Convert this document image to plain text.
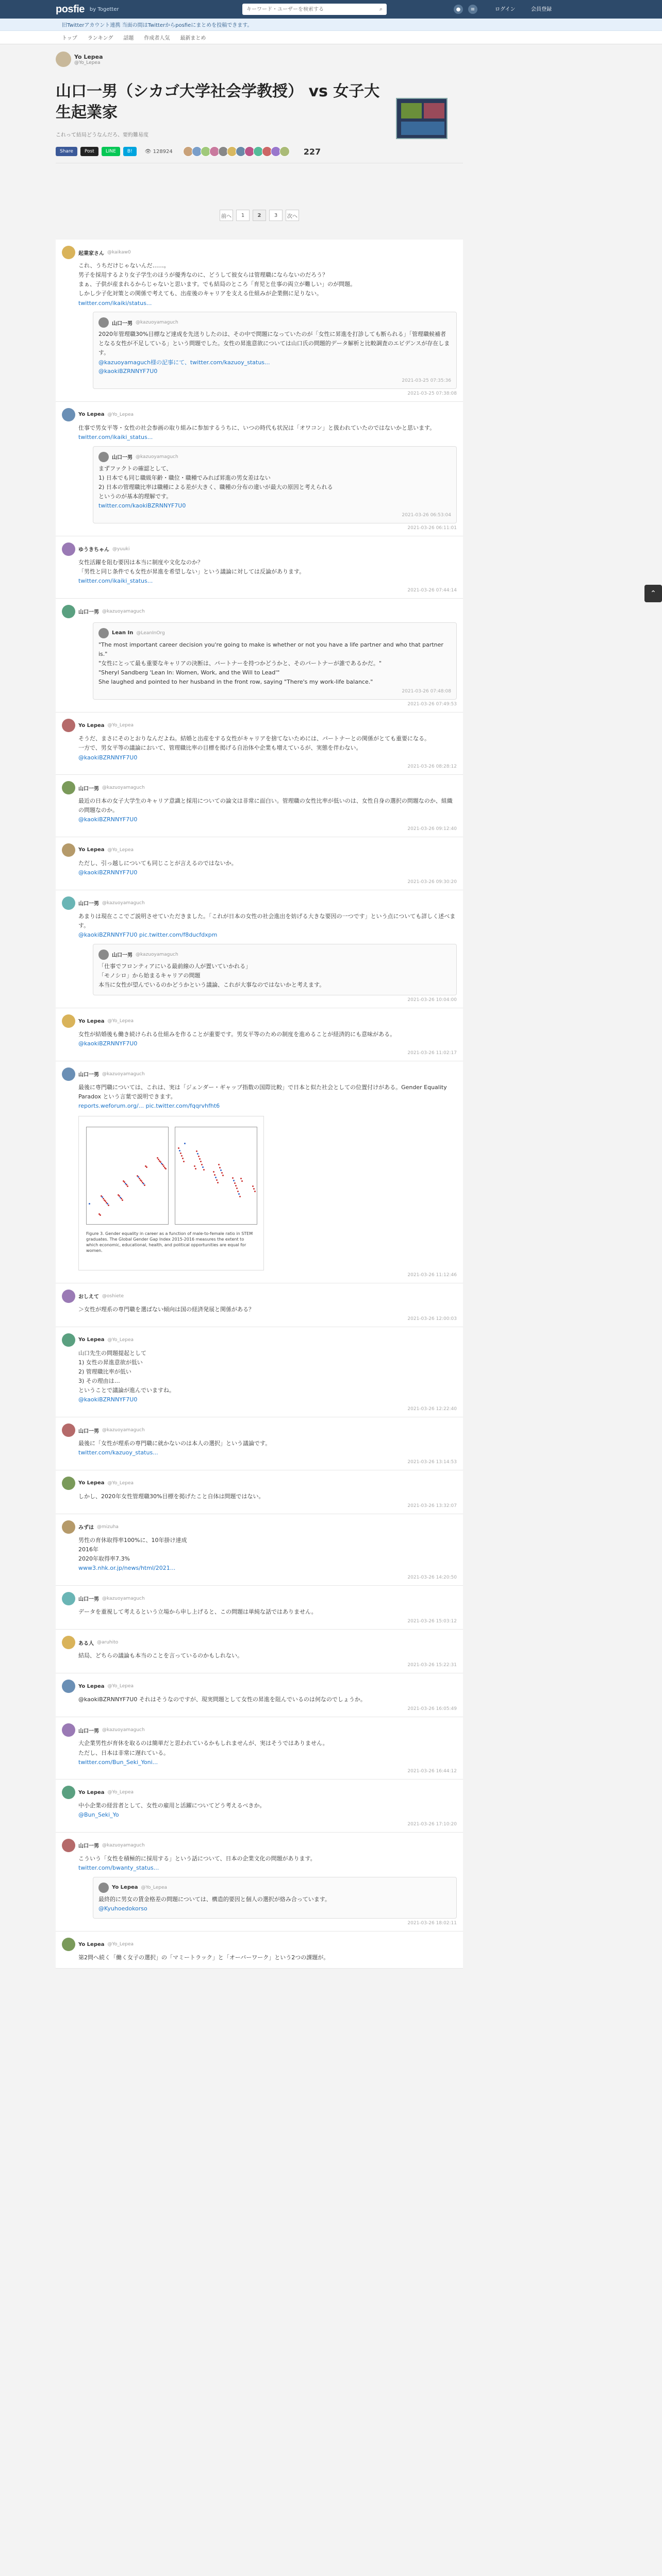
posfie by Togetter
キーワード・ユーザーを検索する	⌕	●	≡	ログイン	会員登録
旧Twitterアカウント連携 当面の間はTwitterからposfieにまとめを投稿できます。
トップ ランキング 話題 作成者人気 最新まとめ
Yo Lepea
@Yo_Lepea
山口一男（シカゴ大学社会学教授） vs 女子大生起業家
これって結局どうなんだろ、要約難易度
Share	Post	LINE	B!	👁 128924	227
前へ	1	2	3	次へ
起業家さん @kaikaw0
これ、うちだけじゃないんだ……。
男子を採用するより女子学生のほうが優秀なのに、どうして彼女らは管理職にならないのだろう？
まぁ、子供が産まれるからじゃないと思います。でも結局のところ「育児と仕事の両立が難しい」のが問題。
しかし少子化対策との関係で考えても、出産後のキャリアを支える仕組みが企業側に足りない。
twitter.com/ikaiki/status...
山口一男 @kazuoyamaguch
2020年管理職30%目標など達成を先送りしたのは、その中で問題になっていたのが「女性に昇進を打診しても断られる」「管理職候補者となる女性が不足している」という問題でした。女性の昇進意欲については山口氏の問題的データ解析と比較調査のエビデンスが存在します。
@kazuoyamaguch様の記事にて、twitter.com/kazuoy_status...
@kaokiBZRNNYF7U0
2021-03-25 07:35:36
2021-03-25 07:38:08
Yo Lepea @Yo_Lepea
仕事で男女平等・女性の社会参画の取り組みに参加するうちに、いつの時代も状況は「オワコン」と扱われていたのではないかと思います。
twitter.com/ikaiki_status...
山口一男 @kazuoyamaguch
まずファクトの確認として、
1) 日本でも同じ職級年齢・職位・職種でみれば昇進の男女差はない
2) 日本の管理職比率は職種による差が大きく、職種の分布の違いが最大の原因と考えられる
というのが基本的理解です。
twitter.com/kaokiBZRNNYF7U0
2021-03-26 06:53:04
2021-03-26 06:11:01
ゆうきちゃん @yuuki
女性活躍を阻む要因は本当に制度や文化なのか？
「男性と同じ条件でも女性が昇進を希望しない」という議論に対しては反論があります。
twitter.com/ikaiki_status...
2021-03-26 07:44:14
山口一男 @kazuoyamaguch
Lean In @LeanInOrg
"The most important career decision you're going to make is whether or not you have a life partner and who that partner is."
"女性にとって最も重要なキャリアの決断は、パートナーを持つかどうかと、そのパートナーが誰であるかだ。"
"Sheryl Sandberg 'Lean In: Women, Work, and the Will to Lead'"
She laughed and pointed to her husband in the front row, saying "There's my work-life balance."
2021-03-26 07:48:08
2021-03-26 07:49:53
Yo Lepea @Yo_Lepea
そうだ、まさにそのとおりなんだよね。結婚と出産をする女性がキャリアを捨てないためには、パートナーとの関係がとても重要になる。
一方で、男女平等の議論において、管理職比率の目標を掲げる自治体や企業も増えているが、実態を伴わない。
@kaokiBZRNNYF7U0
2021-03-26 08:28:12
山口一男 @kazuoyamaguch
最近の日本の女子大学生のキャリア意識と採用についての論文は非常に面白い。管理職の女性比率が低いのは、女性自身の選択の問題なのか、組織の問題なのか。
@kaokiBZRNNYF7U0
2021-03-26 09:12:40
Yo Lepea @Yo_Lepea
ただし、引っ越しについても同じことが言えるのではないか。
@kaokiBZRNNYF7U0
2021-03-26 09:30:20
山口一男 @kazuoyamaguch
あまりは現在ここでご説明させていただきました。「これが日本の女性の社会進出を妨げる大きな要因の一つです」という点についても詳しく述べます。
@kaokiBZRNNYF7U0 pic.twitter.com/f8ducfdxpm
山口一男 @kazuoyamaguch
「仕事でフロンティアにいる最前線の人が置いていかれる」
「モノシロ」から始まるキャリアの問題
本当に女性が望んでいるのかどうかという議論、これが大事なのではないかと考えます。
2021-03-26 10:04:00
Yo Lepea @Yo_Lepea
女性が結婚後も働き続けられる仕組みを作ることが重要です。男女平等のための制度を進めることが経済的にも意味がある。
@kaokiBZRNNYF7U0
2021-03-26 11:02:17
山口一男 @kazuoyamaguch
最後に専門職については、これは、実は「ジェンダー・ギャップ指数の国際比較」で日本と似た社会としての位置付けがある。Gender Equality Paradox という言葉で説明できます。
reports.weforum.org/... pic.twitter.com/fqqrvhfht6
Figure 3. Gender equality in career as a function of male-to-female ratio in STEM graduates. The Global Gender Gap Index 2015-2016 measures the extent to which economic, educational, health, and political opportunities are equal for women.
2021-03-26 11:12:46
おしえて @oshiete
＞女性が理系の専門職を選ばない傾向は国の経済発展と関係がある？
2021-03-26 12:00:03
Yo Lepea @Yo_Lepea
山口先生の問題提起として
1) 女性の昇進意欲が低い
2) 管理職比率が低い
3) その理由は…
ということで議論が進んでいますね。
@kaokiBZRNNYF7U0
2021-03-26 12:22:40
山口一男 @kazuoyamaguch
最後に「女性が理系の専門職に就かないのは本人の選択」という議論です。
twitter.com/kazuoy_status...
2021-03-26 13:14:53
Yo Lepea @Yo_Lepea
しかし、2020年女性管理職30%目標を掲げたこと自体は問題ではない。
2021-03-26 13:32:07
みずは @mizuha
男性の育休取得率100%に、10年掛け達成
2016年
2020年取得率7.3%
www3.nhk.or.jp/news/html/2021...
2021-03-26 14:20:50
山口一男 @kazuoyamaguch
データを重視して考えるという立場から申し上げると、この問題は単純な話ではありません。
2021-03-26 15:03:12
ある人 @aruhito
結局、どちらの議論も本当のことを言っているのかもしれない。
2021-03-26 15:22:31
Yo Lepea @Yo_Lepea
@kaokiBZRNNYF7U0 それはそうなのですが、現実問題として女性の昇進を阻んでいるのは何なのでしょうか。
2021-03-26 16:05:49
山口一男 @kazuoyamaguch
大企業男性が育休を取るのは簡単だと思われているかもしれませんが、実はそうではありません。
ただし、日本は非常に遅れている。
twitter.com/Bun_Seki_Yoni...
2021-03-26 16:44:12
Yo Lepea @Yo_Lepea
中小企業の経営者として、女性の雇用と活躍についてどう考えるべきか。
@Bun_Seki_Yo
2021-03-26 17:10:20
山口一男 @kazuoyamaguch
こういう「女性を積極的に採用する」という話について、日本の企業文化の問題があります。
twitter.com/bwanty_status...
Yo Lepea @Yo_Lepea
最終的に男女の賃金格差の問題については、構造的要因と個人の選択が絡み合っています。
@Kyuhoedokorso
2021-03-26 18:02:11
Yo Lepea @Yo_Lepea
第2問へ続く「働く女子の選択」の「マミートラック」と「オーバーワーク」という2つの課題が。
⌃
